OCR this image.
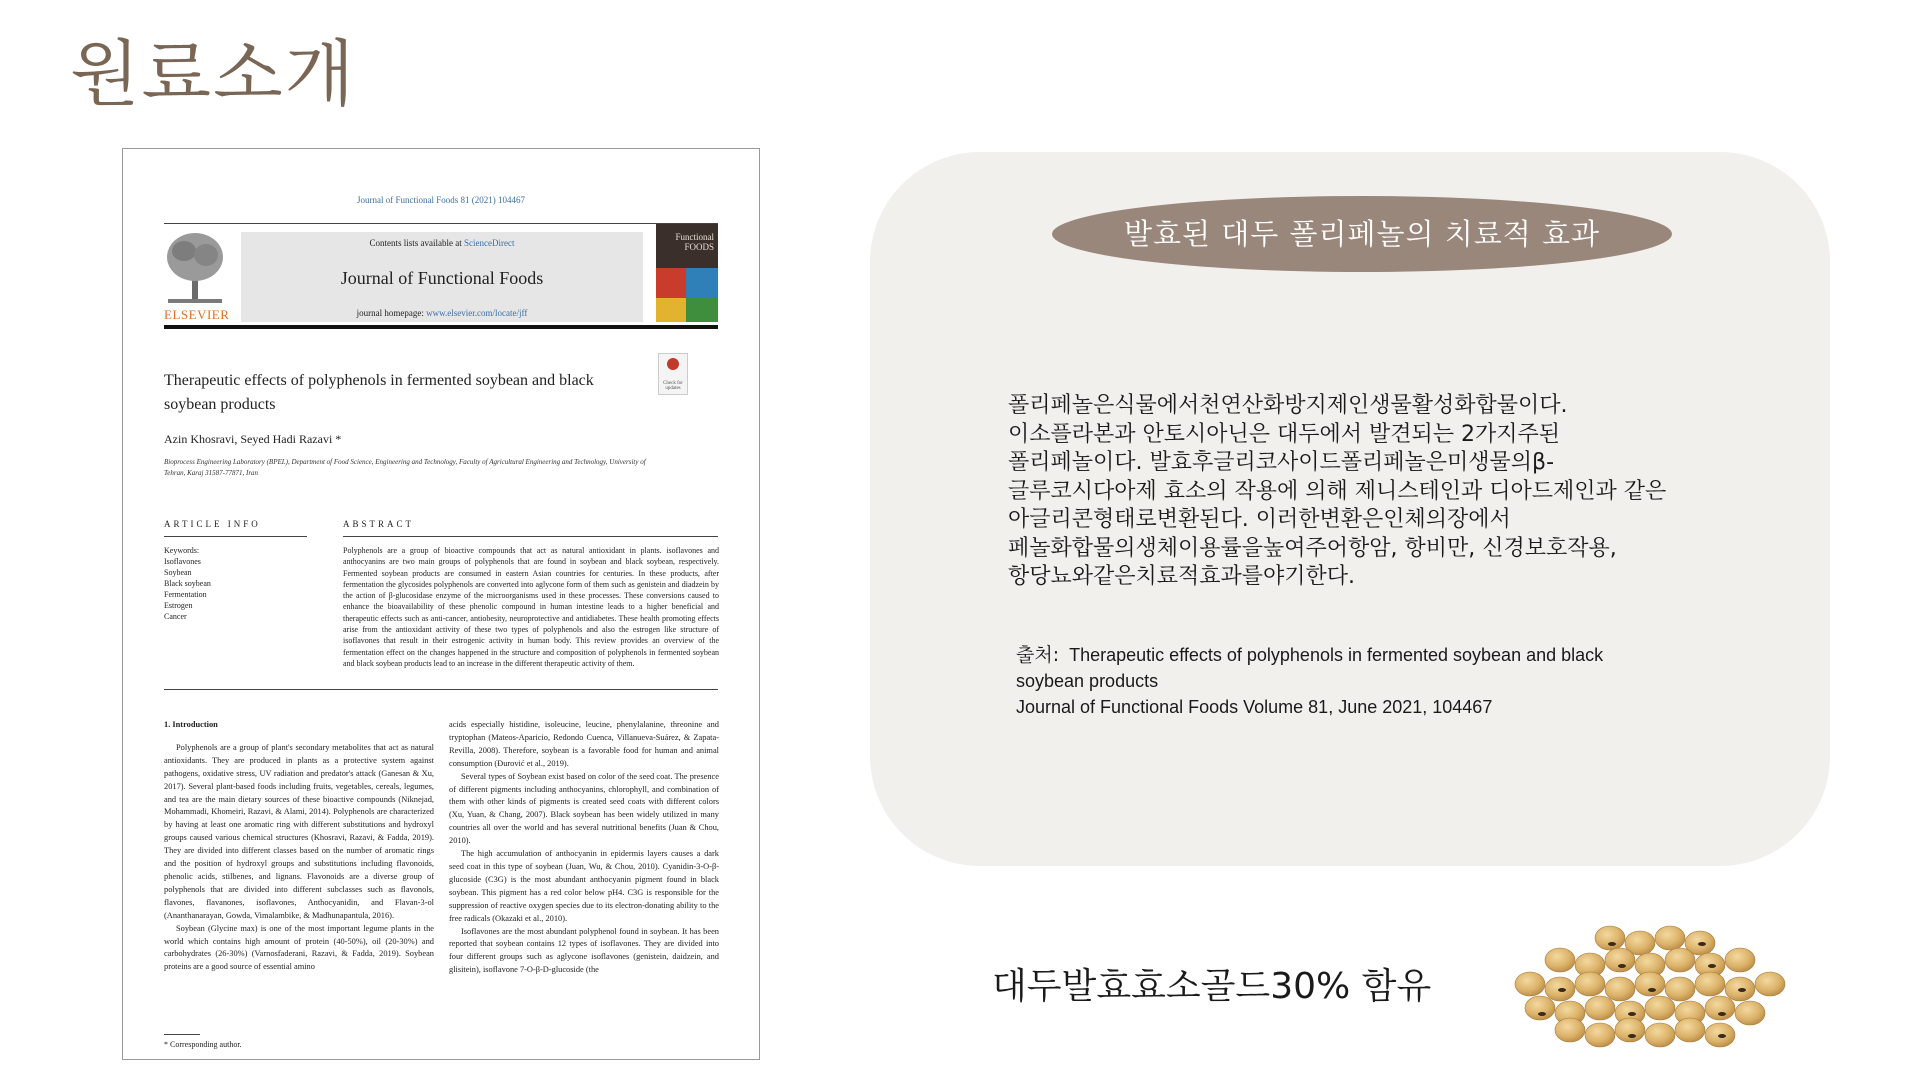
원료소개
Journal of Functional Foods 81 (2021) 104467
ELSEVIER
Contents lists available at ScienceDirect
Journal of Functional Foods
journal homepage: www.elsevier.com/locate/jff
Functional FOODS
Therapeutic effects of polyphenols in fermented soybean and black soybean products
Check for updates
Azin Khosravi, Seyed Hadi Razavi *
Bioprocess Engineering Laboratory (BPEL), Department of Food Science, Engineering and Technology, Faculty of Agricultural Engineering and Technology, University of Tehran, Karaj 31587-77871, Iran
ARTICLE INFO	ABSTRACT
Keywords:
Isoflavones
Soybean
Black soybean
Fermentation
Estrogen
Cancer
Polyphenols are a group of bioactive compounds that act as natural antioxidant in plants. isoflavones and anthocyanins are two main groups of polyphenols that are found in soybean and black soybean, respectively. Fermented soybean products are consumed in eastern Asian countries for centuries. In these products, after fermentation the glycosides polyphenols are converted into aglycone form of them such as genistein and diadzein by the action of β-glucosidase enzyme of the microorganisms used in these processes. These conversions caused to enhance the bioavailability of these phenolic compound in human intestine leads to a higher beneficial and therapeutic effects such as anti-cancer, antiobesity, neuroprotective and antidiabetes. These health promoting effects arise from the antioxidant activity of these two types of polyphenols and also the estrogen like structure of isoflavones that result in their estrogenic activity in human body. This review provides an overview of the fermentation effect on the changes happened in the structure and composition of polyphenols in fermented soybean and black soybean products lead to an increase in the different therapeutic activity of them.
1. Introduction

Polyphenols are a group of plant's secondary metabolites that act as natural antioxidants. They are produced in plants as a protective system against pathogens, oxidative stress, UV radiation and predator's attack (Ganesan & Xu, 2017). Several plant-based foods including fruits, vegetables, cereals, legumes, and tea are the main dietary sources of these bioactive compounds (Niknejad, Mohammadi, Khomeiri, Razavi, & Alami, 2014). Polyphenols are characterized by having at least one aromatic ring with different substitutions and hydroxyl groups caused various chemical structures (Khosravi, Razavi, & Fadda, 2019). They are divided into different classes based on the number of aromatic rings and the position of hydroxyl groups and substitutions including flavonoids, phenolic acids, stilbenes, and lignans. Flavonoids are a diverse group of polyphenols that are divided into different subclasses such as flavonols, flavones, flavanones, isoflavones, Anthocyanidin, and Flavan-3-ol (Ananthanarayan, Gowda, Vimalambike, & Madhunapantula, 2016).

Soybean (Glycine max) is one of the most important legume plants in the world which contains high amount of protein (40-50%), oil (20-30%) and carbohydrates (26-30%) (Varnosfaderani, Razavi, & Fadda, 2019). Soybean proteins are a good source of essential amino

acids especially histidine, isoleucine, leucine, phenylalanine, threonine and tryptophan (Mateos-Aparicio, Redondo Cuenca, Villanueva-Suárez, & Zapata-Revilla, 2008). Therefore, soybean is a favorable food for human and animal consumption (Đurović et al., 2019).

Several types of Soybean exist based on color of the seed coat. The presence of different pigments including anthocyanins, chlorophyll, and combination of them with other kinds of pigments is created seed coats with different colors (Xu, Yuan, & Chang, 2007). Black soybean has been widely utilized in many countries all over the world and has several nutritional benefits (Juan & Chou, 2010).

The high accumulation of anthocyanin in epidermis layers causes a dark seed coat in this type of soybean (Juan, Wu, & Chou, 2010). Cyanidin-3-O-β-glucoside (C3G) is the most abundant anthocyanin pigment found in black soybean. This pigment has a red color below pH4. C3G is responsible for the suppression of reactive oxygen species due to its electron-donating ability to the free radicals (Okazaki et al., 2010).

Isoflavones are the most abundant polyphenol found in soybean. It has been reported that soybean contains 12 types of isoflavones. They are divided into four different groups such as aglycone isoflavones (genistein, daidzein, and glisitein), isoflavone 7-O-β-D-glucoside (the

* Corresponding author.
발효된 대두 폴리페놀의 치료적 효과
폴리페놀은식물에서천연산화방지제인생물활성화합물이다.
이소플라본과 안토시아닌은 대두에서 발견되는 2가지주된
폴리페놀이다. 발효후글리코사이드폴리페놀은미생물의β-
글루코시다아제 효소의 작용에 의해 제니스테인과 디아드제인과 같은
아글리콘형태로변환된다. 이러한변환은인체의장에서
페놀화합물의생체이용률을높여주어항암, 항비만, 신경보호작용,
항당뇨와같은치료적효과를야기한다.
출처: Therapeutic effects of polyphenols in fermented soybean and black
soybean products
Journal of Functional Foods Volume 81, June 2021, 104467
대두발효효소골드30% 함유
